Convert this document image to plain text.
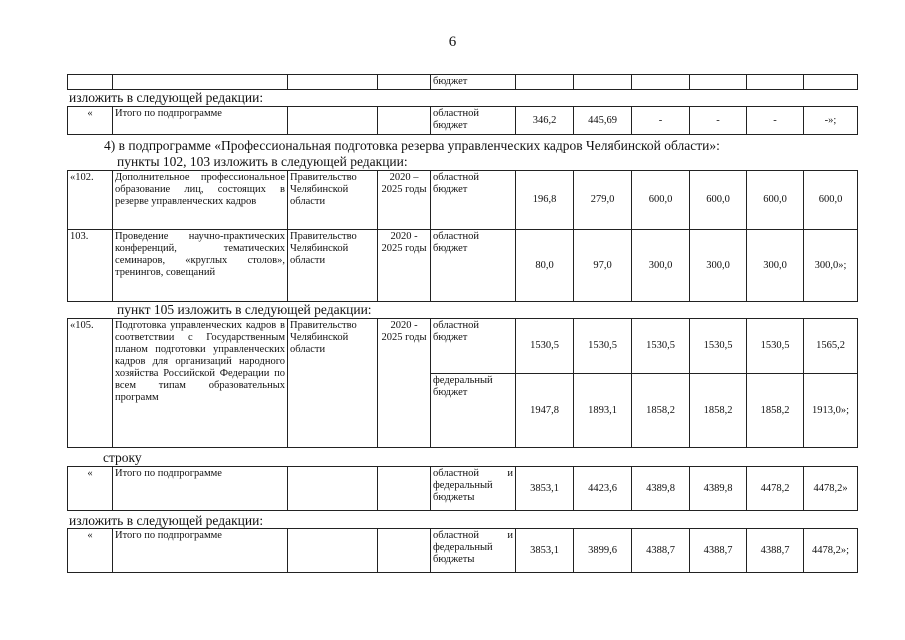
6
				бюджет						
изложить в следующей редакции:
«	Итого по подпрограмме			областной бюджет	346,2	445,69	-	-	-	-»;
4) в подпрограмме «Профессиональная подготовка резерва управленческих кадров Челябинской области»:
пункты 102, 103 изложить в следующей редакции:
«102.	Дополнительное профессиональное образование лиц, состоящих в резерве управленческих кадров	Правительство Челябинской области	2020 – 2025 годы	областной бюджет	196,8	279,0	600,0	600,0	600,0	600,0
103.	Проведение научно-практических конференций, тематических семинаров, «круглых столов», тренингов, совещаний	Правительство Челябинской области	2020 - 2025 годы	областной бюджет	80,0	97,0	300,0	300,0	300,0	300,0»;
пункт 105 изложить в следующей редакции:
«105.	Подготовка управленческих кадров в соответствии с Государственным планом подготовки управленческих кадров для организаций народного хозяйства Российской Федерации по всем типам образовательных программ	Правительство Челябинской области	2020 - 2025 годы	областной бюджет	1530,5	1530,5	1530,5	1530,5	1530,5	1565,2
				федеральный бюджет	1947,8	1893,1	1858,2	1858,2	1858,2	1913,0»;
строку
«	Итого по подпрограмме			областной и федеральный бюджеты	3853,1	4423,6	4389,8	4389,8	4478,2	4478,2»
изложить в следующей редакции:
«	Итого по подпрограмме			областной и федеральный бюджеты	3853,1	3899,6	4388,7	4388,7	4388,7	4478,2»;
